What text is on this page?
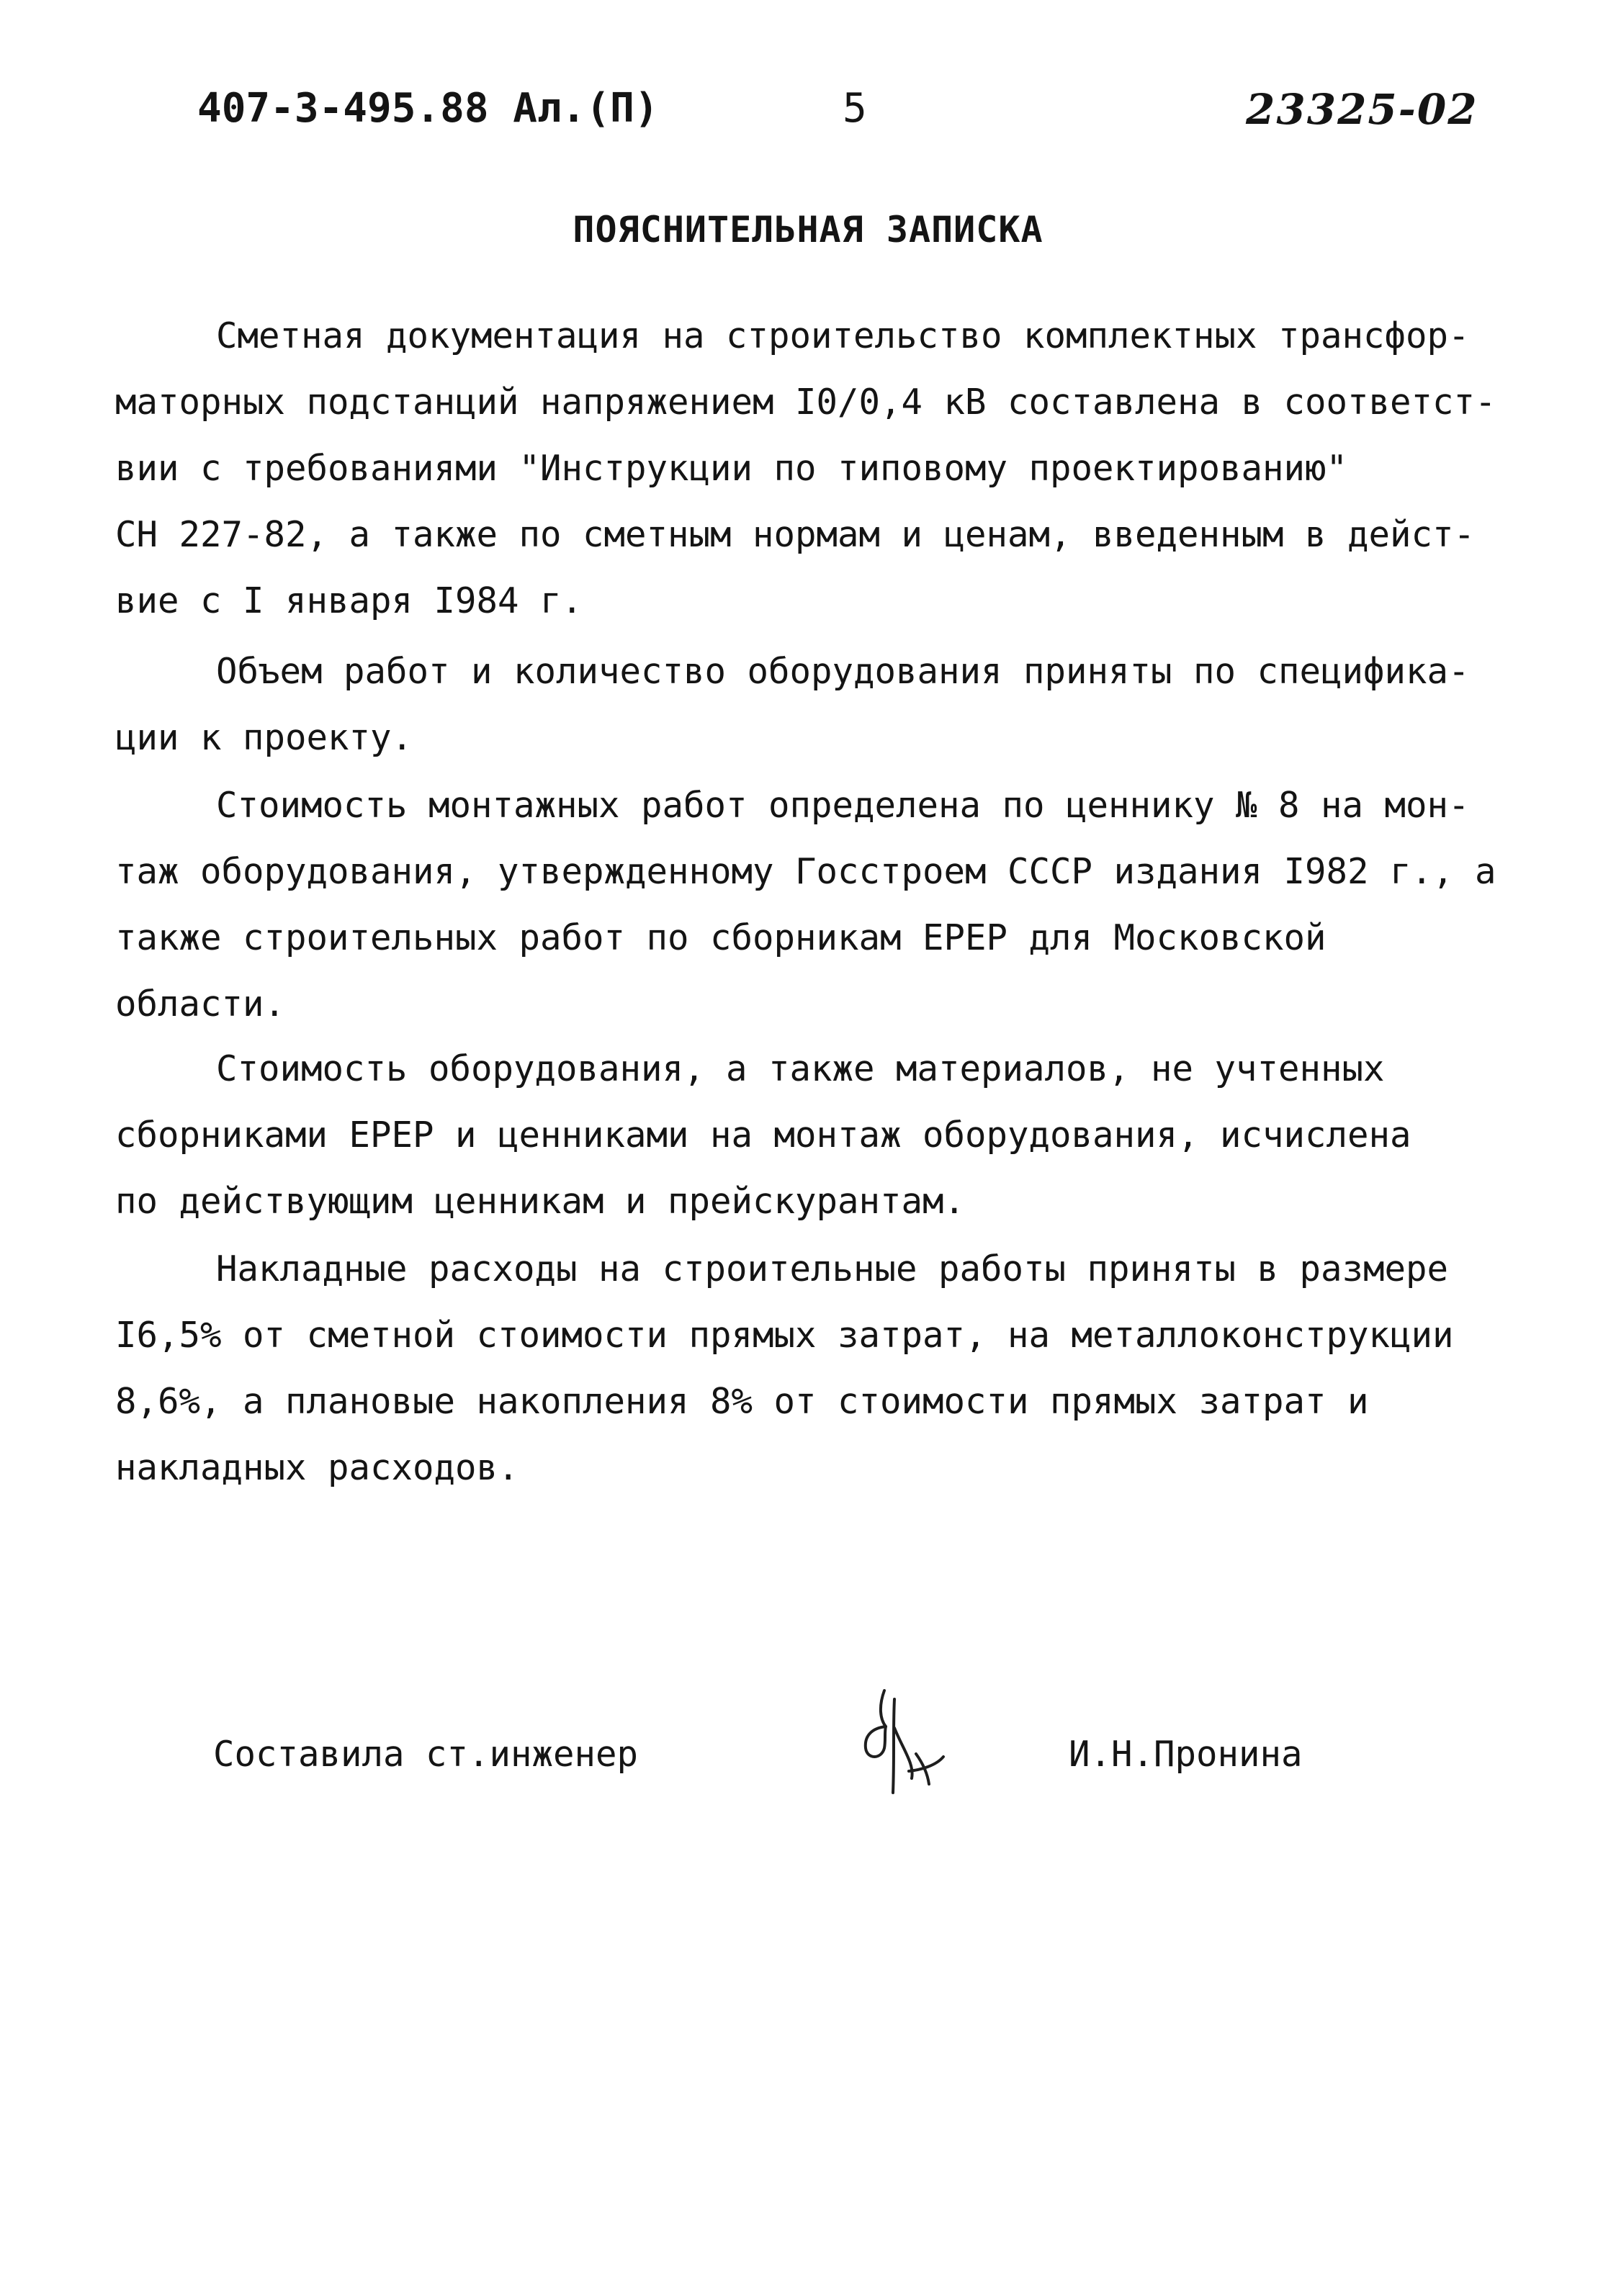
407-3-495.88 Ал.(П)	5	23325-02
ПОЯСНИТЕЛЬНАЯ ЗАПИСКА
Сметная документация на строительство комплектных трансфор-
маторных подстанций напряжением I0/0,4 кВ составлена в соответст-
вии с требованиями "Инструкции по типовому проектированию"
СН 227-82, а также по сметным нормам и ценам, введенным в дейст-
вие с I января I984 г.
Объем работ и количество оборудования приняты по специфика-
ции к проекту.
Стоимость монтажных работ определена по ценнику № 8 на мон-
таж оборудования, утвержденному Госстроем СССР издания I982 г., а
также строительных работ по сборникам ЕРЕР для Московской
области.
Стоимость оборудования, а также материалов, не учтенных
сборниками ЕРЕР и ценниками на монтаж оборудования, исчислена
по действующим ценникам и прейскурантам.
Накладные расходы на строительные работы приняты в размере
I6,5% от сметной стоимости прямых затрат, на металлоконструкции
8,6%, а плановые накопления 8% от стоимости прямых затрат и
накладных расходов.
Составила ст.инженер	И.Н.Пронина
